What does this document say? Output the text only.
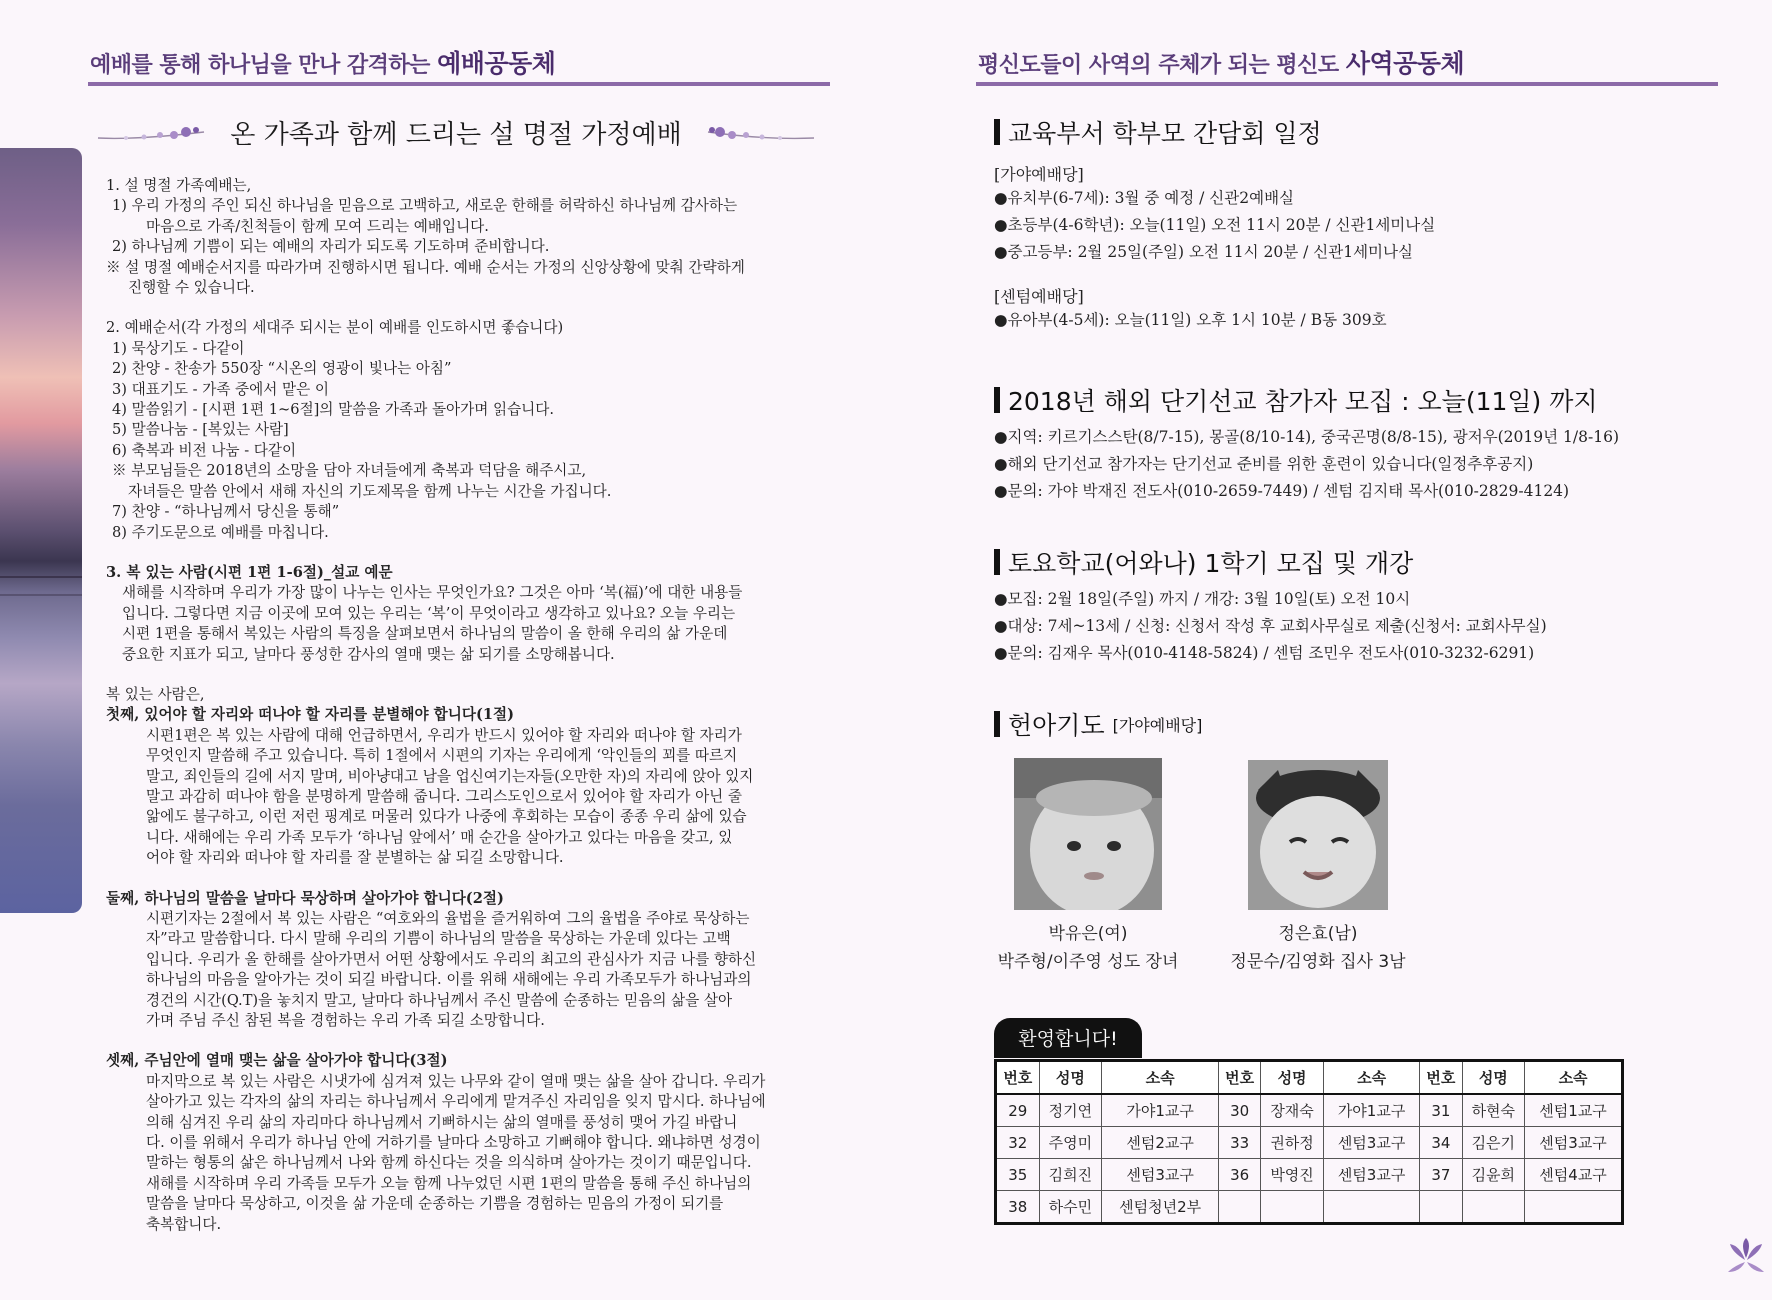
예배를 통해 하나님을 만나 감격하는 예배공동체
온 가족과 함께 드리는 설 명절 가정예배
1. 설 명절 가족예배는,
1) 우리 가정의 주인 되신 하나님을 믿음으로 고백하고, 새로운 한해를 허락하신 하나님께 감사하는
마음으로 가족/친척들이 함께 모여 드리는 예배입니다.
2) 하나님께 기쁨이 되는 예배의 자리가 되도록 기도하며 준비합니다.
※ 설 명절 예배순서지를 따라가며 진행하시면 됩니다. 예배 순서는 가정의 신앙상황에 맞춰 간략하게
진행할 수 있습니다.
2. 예배순서(각 가정의 세대주 되시는 분이 예배를 인도하시면 좋습니다)
1) 묵상기도 - 다같이
2) 찬양 - 찬송가 550장 “시온의 영광이 빛나는 아침”
3) 대표기도 - 가족 중에서 맡은 이
4) 말씀읽기 - [시편 1편 1~6절]의 말씀을 가족과 돌아가며 읽습니다.
5) 말씀나눔 - [복있는 사람]
6) 축복과 비전 나눔 - 다같이
※ 부모님들은 2018년의 소망을 담아 자녀들에게 축복과 덕담을 해주시고,
자녀들은 말씀 안에서 새해 자신의 기도제목을 함께 나누는 시간을 가집니다.
7) 찬양 - “하나님께서 당신을 통해”
8) 주기도문으로 예배를 마칩니다.
3. 복 있는 사람(시편 1편 1-6절)_설교 예문
새해를 시작하며 우리가 가장 많이 나누는 인사는 무엇인가요? 그것은 아마 ‘복(福)’에 대한 내용들
입니다. 그렇다면 지금 이곳에 모여 있는 우리는 ‘복’이 무엇이라고 생각하고 있나요? 오늘 우리는
시편 1편을 통해서 복있는 사람의 특징을 살펴보면서 하나님의 말씀이 올 한해 우리의 삶 가운데
중요한 지표가 되고, 날마다 풍성한 감사의 열매 맺는 삶 되기를 소망해봅니다.
복 있는 사람은,
첫째, 있어야 할 자리와 떠나야 할 자리를 분별해야 합니다(1절)
시편1편은 복 있는 사람에 대해 언급하면서, 우리가 반드시 있어야 할 자리와 떠나야 할 자리가
무엇인지 말씀해 주고 있습니다. 특히 1절에서 시편의 기자는 우리에게 ‘악인들의 꾀를 따르지
말고, 죄인들의 길에 서지 말며, 비아냥대고 남을 업신여기는자들(오만한 자)의 자리에 앉아 있지
말고 과감히 떠나야 함을 분명하게 말씀해 줍니다. 그리스도인으로서 있어야 할 자리가 아닌 줄
앎에도 불구하고, 이런 저런 핑계로 머물러 있다가 나중에 후회하는 모습이 종종 우리 삶에 있습
니다. 새해에는 우리 가족 모두가 ‘하나님 앞에서’ 매 순간을 살아가고 있다는 마음을 갖고, 있
어야 할 자리와 떠나야 할 자리를 잘 분별하는 삶 되길 소망합니다.
둘째, 하나님의 말씀을 날마다 묵상하며 살아가야 합니다(2절)
시편기자는 2절에서 복 있는 사람은 “여호와의 율법을 즐거워하여 그의 율법을 주야로 묵상하는
자”라고 말씀합니다. 다시 말해 우리의 기쁨이 하나님의 말씀을 묵상하는 가운데 있다는 고백
입니다. 우리가 올 한해를 살아가면서 어떤 상황에서도 우리의 최고의 관심사가 지금 나를 향하신
하나님의 마음을 알아가는 것이 되길 바랍니다. 이를 위해 새해에는 우리 가족모두가 하나님과의
경건의 시간(Q.T)을 놓치지 말고, 날마다 하나님께서 주신 말씀에 순종하는 믿음의 삶을 살아
가며 주님 주신 참된 복을 경험하는 우리 가족 되길 소망합니다.
셋째, 주님안에 열매 맺는 삶을 살아가야 합니다(3절)
마지막으로 복 있는 사람은 시냇가에 심겨져 있는 나무와 같이 열매 맺는 삶을 살아 갑니다. 우리가
살아가고 있는 각자의 삶의 자리는 하나님께서 우리에게 맡겨주신 자리임을 잊지 맙시다. 하나님에
의해 심겨진 우리 삶의 자리마다 하나님께서 기뻐하시는 삶의 열매를 풍성히 맺어 가길 바랍니
다. 이를 위해서 우리가 하나님 안에 거하기를 날마다 소망하고 기뻐해야 합니다. 왜냐하면 성경이
말하는 형통의 삶은 하나님께서 나와 함께 하신다는 것을 의식하며 살아가는 것이기 때문입니다.
새해를 시작하며 우리 가족들 모두가 오늘 함께 나누었던 시편 1편의 말씀을 통해 주신 하나님의
말씀을 날마다 묵상하고, 이것을 삶 가운데 순종하는 기쁨을 경험하는 믿음의 가정이 되기를
축복합니다.
평신도들이 사역의 주체가 되는 평신도 사역공동체
교육부서 학부모 간담회 일정
[가야예배당]
●유치부(6-7세): 3월 중 예정 / 신관2예배실
●초등부(4-6학년): 오늘(11일) 오전 11시 20분 / 신관1세미나실
●중고등부: 2월 25일(주일) 오전 11시 20분 / 신관1세미나실
[센텀예배당]
●유아부(4-5세): 오늘(11일) 오후 1시 10분 / B동 309호
2018년 해외 단기선교 참가자 모집 : 오늘(11일) 까지
●지역: 키르기스스탄(8/7-15), 몽골(8/10-14), 중국곤명(8/8-15), 광저우(2019년 1/8-16)
●해외 단기선교 참가자는 단기선교 준비를 위한 훈련이 있습니다(일정추후공지)
●문의: 가야 박재진 전도사(010-2659-7449) / 센텀 김지태 목사(010-2829-4124)
토요학교(어와나) 1학기 모집 및 개강
●모집: 2월 18일(주일) 까지 / 개강: 3월 10일(토) 오전 10시
●대상: 7세~13세 / 신청: 신청서 작성 후 교회사무실로 제출(신청서: 교회사무실)
●문의: 김재우 목사(010-4148-5824) / 센텀 조민우 전도사(010-3232-6291)
헌아기도 [가야예배당]
박유은(여)
박주형/이주영 성도 장녀
정은효(남)
정문수/김영화 집사 3남
환영합니다!
번호	성명	소속	번호	성명	소속	번호	성명	소속
29	정기연	가야1교구	30	장재숙	가야1교구	31	하현숙	센텀1교구
32	주영미	센텀2교구	33	권하정	센텀3교구	34	김은기	센텀3교구
35	김희진	센텀3교구	36	박영진	센텀3교구	37	김윤희	센텀4교구
38	하수민	센텀청년2부						
